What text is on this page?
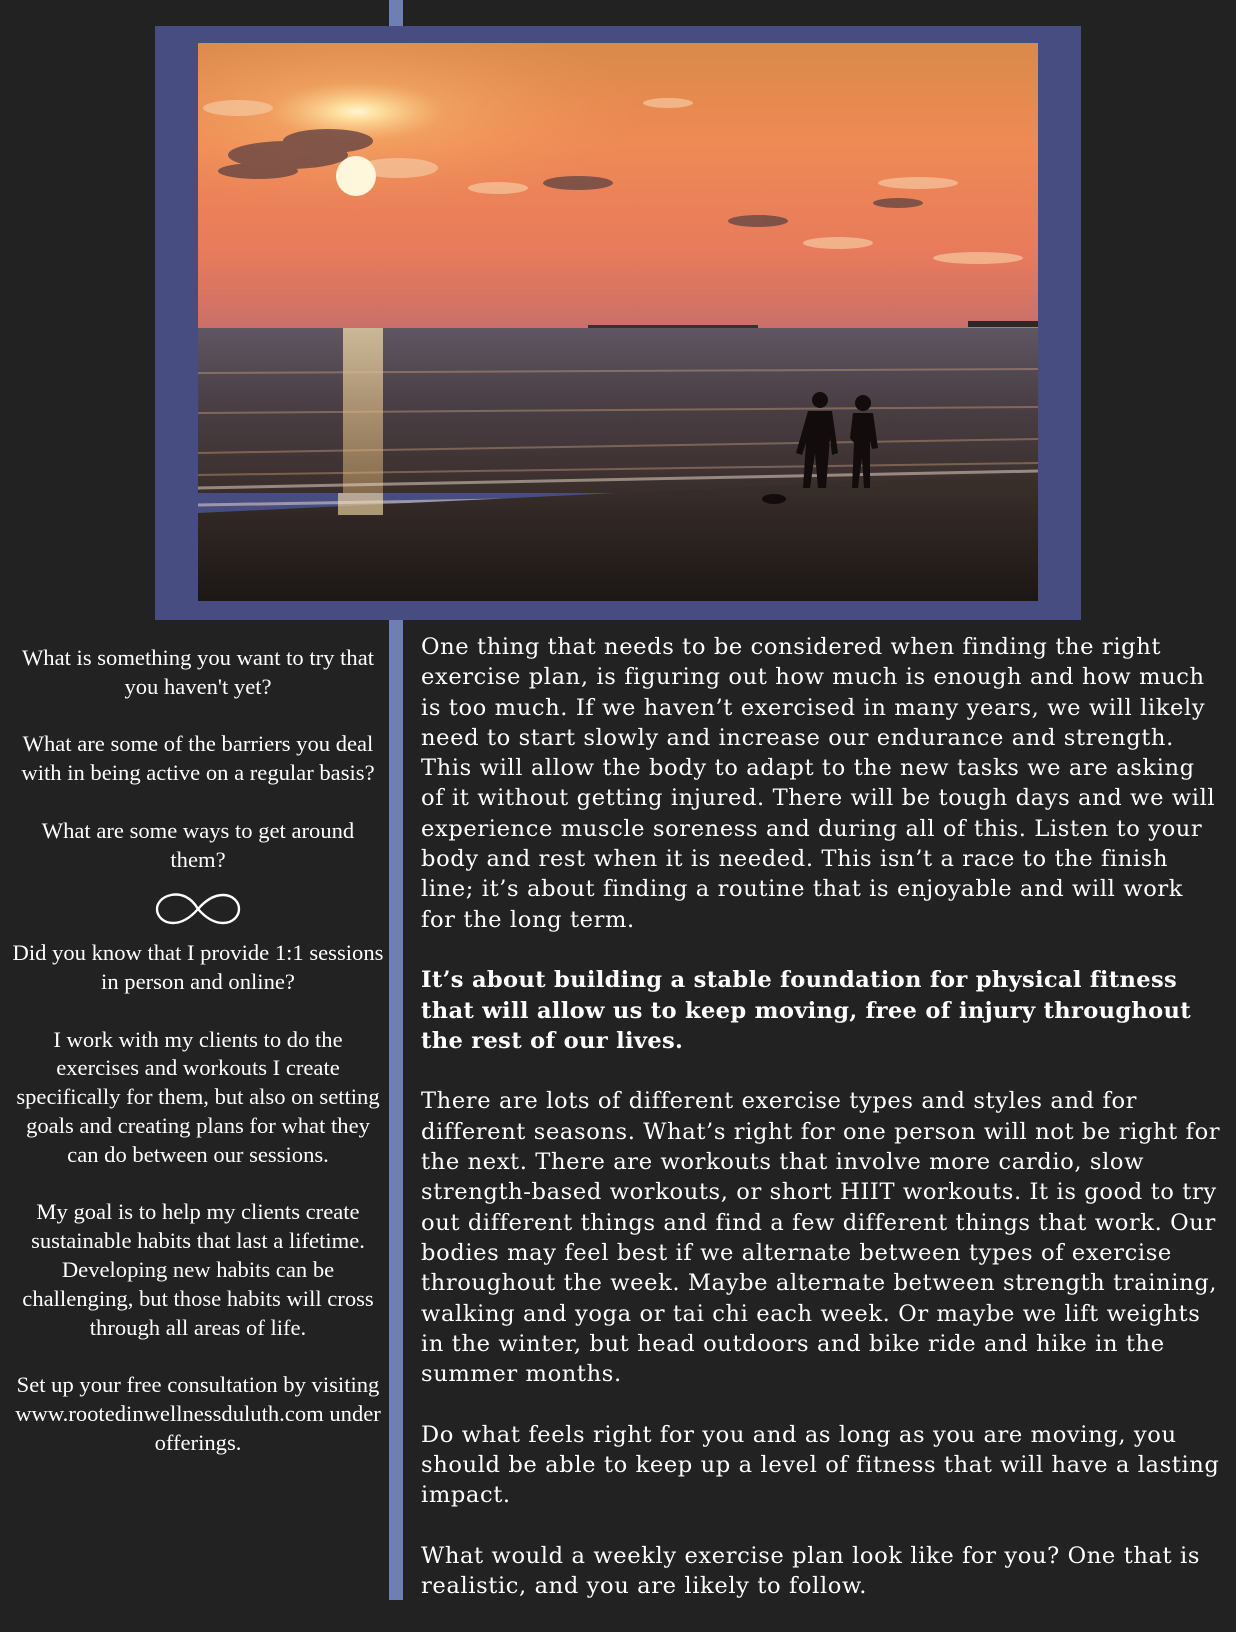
What is something you want to try that you haven't yet?

What are some of the barriers you deal with in being active on a regular basis?

What are some ways to get around them?

Did you know that I provide 1:1 sessions in person and online?

I work with my clients to do the exercises and workouts I create specifically for them, but also on setting goals and creating plans for what they can do between our sessions.

My goal is to help my clients create sustainable habits that last a lifetime. Developing new habits can be challenging, but those habits will cross through all areas of life.

Set up your free consultation by visiting www.rootedinwellnessduluth.com under offerings.

One thing that needs to be considered when finding the right exercise plan, is figuring out how much is enough and how much is too much. If we haven’t exercised in many years, we will likely need to start slowly and increase our endurance and strength. This will allow the body to adapt to the new tasks we are asking of it without getting injured. There will be tough days and we will experience muscle soreness and during all of this. Listen to your body and rest when it is needed. This isn’t a race to the finish line; it’s about finding a routine that is enjoyable and will work for the long term.

It’s about building a stable foundation for physical fitness that will allow us to keep moving, free of injury throughout the rest of our lives.

There are lots of different exercise types and styles and for different seasons. What’s right for one person will not be right for the next. There are workouts that involve more cardio, slow strength-based workouts, or short HIIT workouts. It is good to try out different things and find a few different things that work. Our bodies may feel best if we alternate between types of exercise throughout the week. Maybe alternate between strength training, walking and yoga or tai chi each week. Or maybe we lift weights in the winter, but head outdoors and bike ride and hike in the summer months.

Do what feels right for you and as long as you are moving, you should be able to keep up a level of fitness that will have a lasting impact.

What would a weekly exercise plan look like for you? One that is realistic, and you are likely to follow.
